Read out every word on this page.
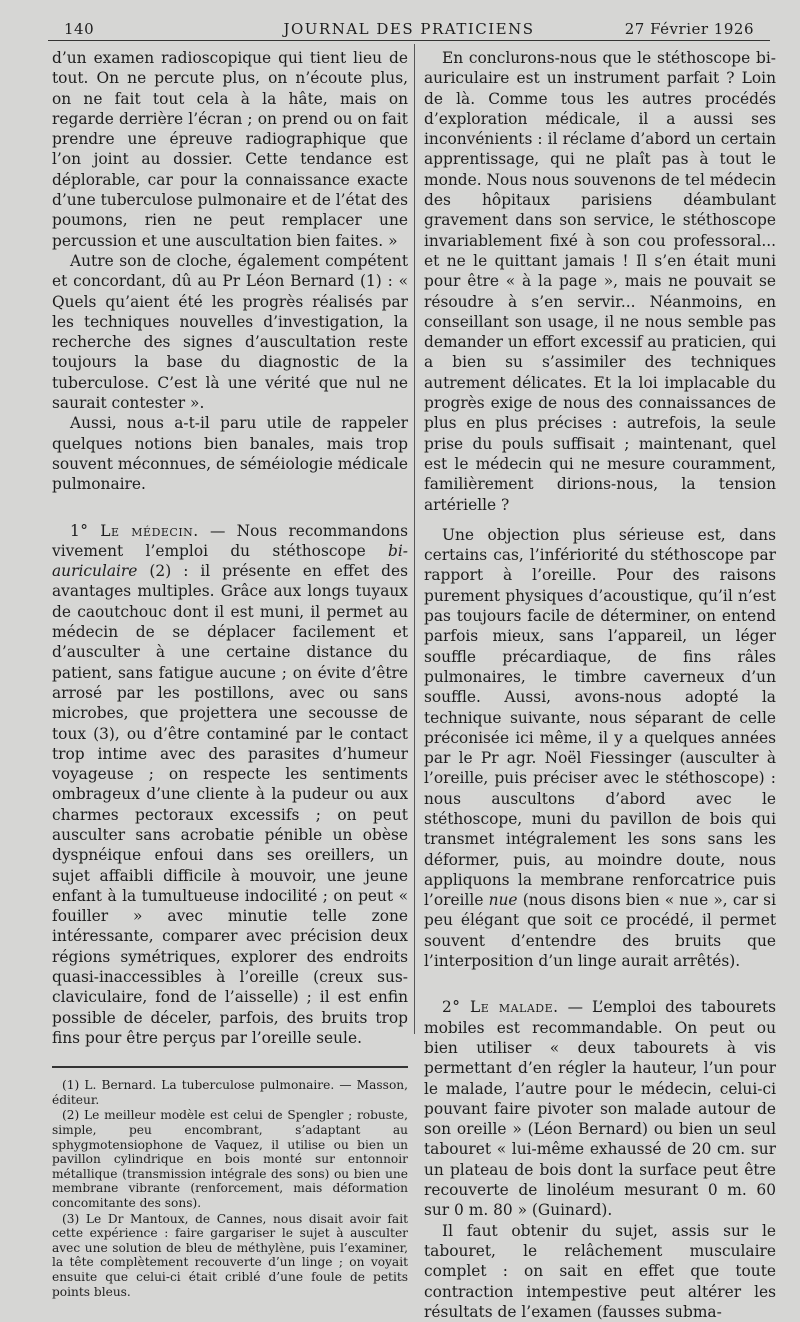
140	JOURNAL DES PRATICIENS	27 Février 1926

d’un examen radioscopique qui tient lieu de tout. On ne percute plus, on n’écoute plus, on ne fait tout cela à la hâte, mais on regarde derrière l’écran ; on prend ou on fait prendre une épreuve radiographique que l’on joint au dossier. Cette tendance est déplorable, car pour la connaissance exacte d’une tuberculose pulmonaire et de l’état des poumons, rien ne peut remplacer une percussion et une auscultation bien faites. »

Autre son de cloche, également compétent et concordant, dû au Pr Léon Bernard (1) : « Quels qu’aient été les progrès réalisés par les techniques nouvelles d’investigation, la recherche des signes d’auscultation reste toujours la base du diagnostic de la tuberculose. C’est là une vérité que nul ne saurait contester ».

Aussi, nous a-t-il paru utile de rappeler quelques notions bien banales, mais trop souvent méconnues, de séméiologie médicale pulmonaire.

1° Le médecin. — Nous recommandons vivement l’emploi du stéthoscope bi-auriculaire (2) : il présente en effet des avantages multiples. Grâce aux longs tuyaux de caoutchouc dont il est muni, il permet au médecin de se déplacer facilement et d’ausculter à une certaine distance du patient, sans fatigue aucune ; on évite d’être arrosé par les postillons, avec ou sans microbes, que projettera une secousse de toux (3), ou d’être contaminé par le contact trop intime avec des parasites d’humeur voyageuse ; on respecte les sentiments ombrageux d’une cliente à la pudeur ou aux charmes pectoraux excessifs ; on peut ausculter sans acrobatie pénible un obèse dyspnéique enfoui dans ses oreillers, un sujet affaibli difficile à mouvoir, une jeune enfant à la tumultueuse indocilité ; on peut « fouiller » avec minutie telle zone intéressante, comparer avec précision deux régions symétriques, explorer des endroits quasi-inaccessibles à l’oreille (creux sus-claviculaire, fond de l’aisselle) ; il est enfin possible de déceler, parfois, des bruits trop fins pour être perçus par l’oreille seule.

(1) L. Bernard. La tuberculose pulmonaire. — Masson, éditeur.

(2) Le meilleur modèle est celui de Spengler ; robuste, simple, peu encombrant, s’adaptant au sphygmotensiophone de Vaquez, il utilise ou bien un pavillon cylindrique en bois monté sur entonnoir métallique (transmission intégrale des sons) ou bien une membrane vibrante (renforcement, mais déformation concomitante des sons).

(3) Le Dr Mantoux, de Cannes, nous disait avoir fait cette expérience : faire gargariser le sujet à ausculter avec une solution de bleu de méthylène, puis l’examiner, la tête complètement recouverte d’un linge ; on voyait ensuite que celui-ci était criblé d’une foule de petits points bleus.

En conclurons-nous que le stéthoscope bi-auriculaire est un instrument parfait ? Loin de là. Comme tous les autres procédés d’exploration médicale, il a aussi ses inconvénients : il réclame d’abord un certain apprentissage, qui ne plaît pas à tout le monde. Nous nous souvenons de tel médecin des hôpitaux parisiens déambulant gravement dans son service, le stéthoscope invariablement fixé à son cou professoral... et ne le quittant jamais ! Il s’en était muni pour être « à la page », mais ne pouvait se résoudre à s’en servir... Néanmoins, en conseillant son usage, il ne nous semble pas demander un effort excessif au praticien, qui a bien su s’assimiler des techniques autrement délicates. Et la loi implacable du progrès exige de nous des connaissances de plus en plus précises : autrefois, la seule prise du pouls suffisait ; maintenant, quel est le médecin qui ne mesure couramment, familièrement dirions-nous, la tension artérielle ?

Une objection plus sérieuse est, dans certains cas, l’infériorité du stéthoscope par rapport à l’oreille. Pour des raisons purement physiques d’acoustique, qu’il n’est pas toujours facile de déterminer, on entend parfois mieux, sans l’appareil, un léger souffle précardiaque, de fins râles pulmonaires, le timbre caverneux d’un souffle. Aussi, avons-nous adopté la technique suivante, nous séparant de celle préconisée ici même, il y a quelques années par le Pr agr. Noël Fiessinger (ausculter à l’oreille, puis préciser avec le stéthoscope) : nous auscultons d’abord avec le stéthoscope, muni du pavillon de bois qui transmet intégralement les sons sans les déformer, puis, au moindre doute, nous appliquons la membrane renforcatrice puis l’oreille nue (nous disons bien « nue », car si peu élégant que soit ce procédé, il permet souvent d’entendre des bruits que l’interposition d’un linge aurait arrêtés).

2° Le malade. — L’emploi des tabourets mobiles est recommandable. On peut ou bien utiliser « deux tabourets à vis permettant d’en régler la hauteur, l’un pour le malade, l’autre pour le médecin, celui-ci pouvant faire pivoter son malade autour de son oreille » (Léon Bernard) ou bien un seul tabouret « lui-même exhaussé de 20 cm. sur un plateau de bois dont la surface peut être recouverte de linoléum mesurant 0 m. 60 sur 0 m. 80 » (Guinard).

Il faut obtenir du sujet, assis sur le tabouret, le relâchement musculaire complet : on sait en effet que toute contraction intempestive peut altérer les résultats de l’examen (fausses subma-
